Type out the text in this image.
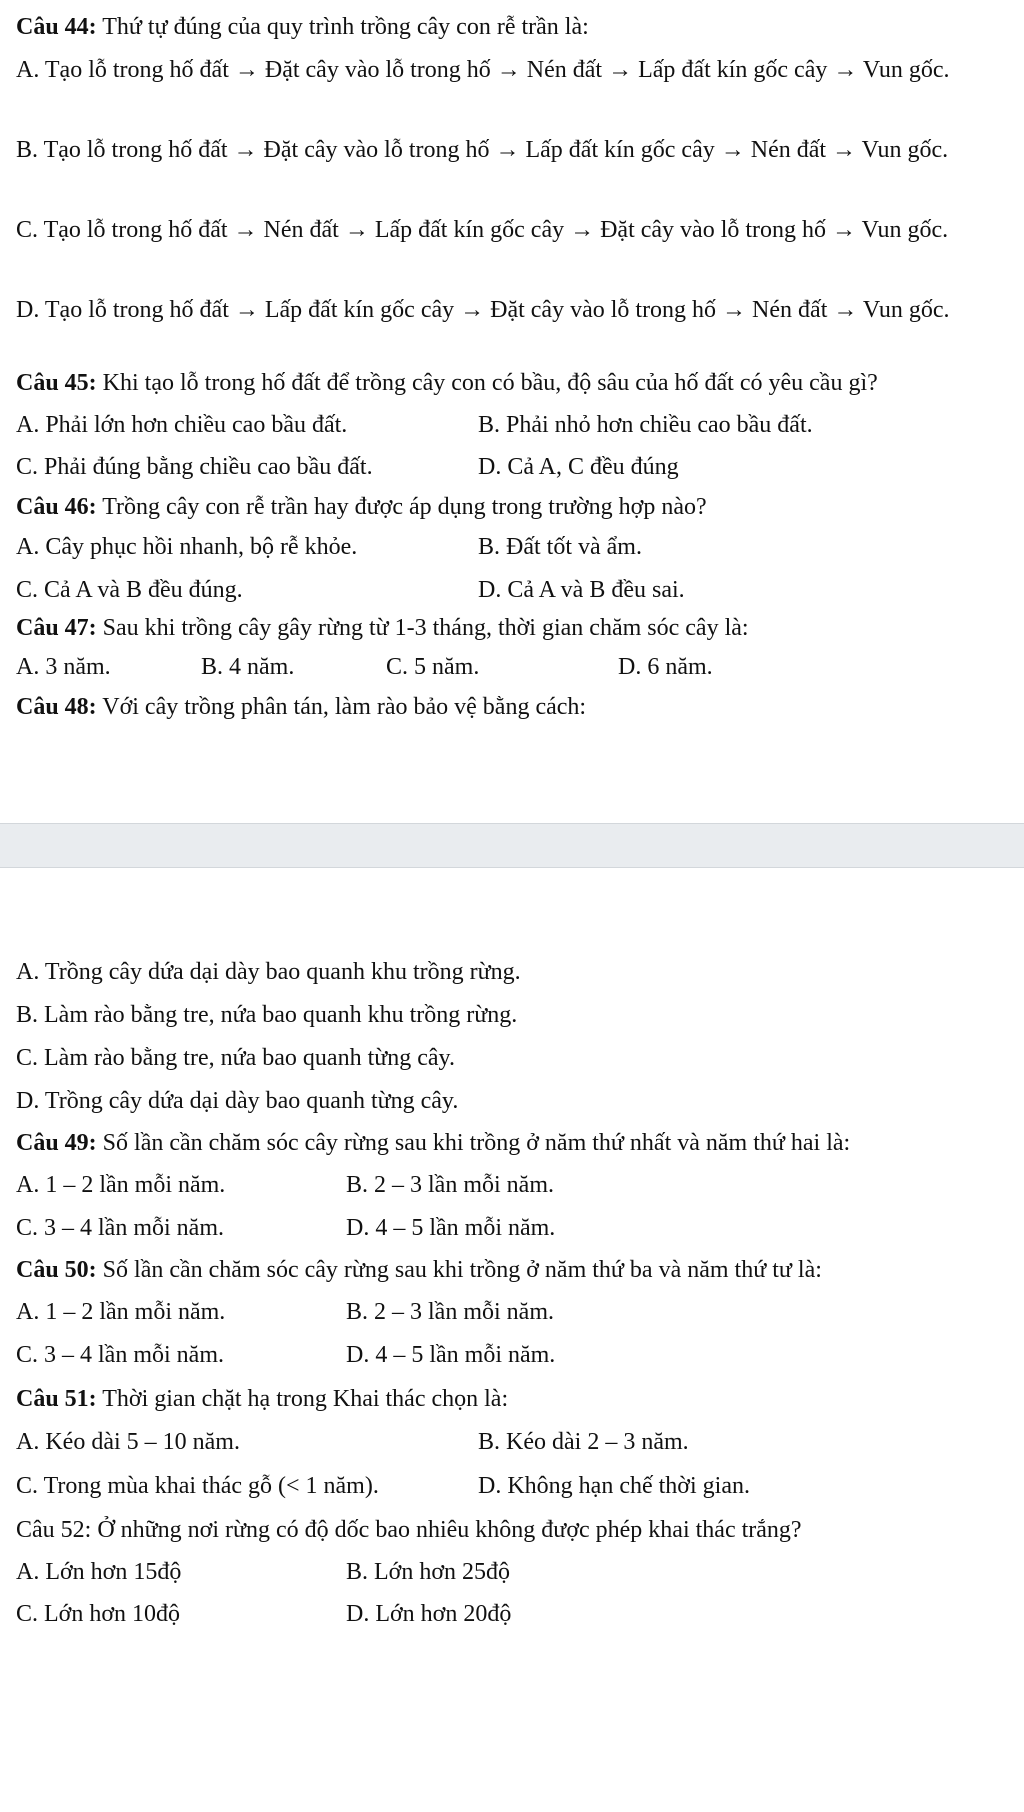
Câu 44: Thứ tự đúng của quy trình trồng cây con rễ trần là:

A. Tạo lỗ trong hố đất → Đặt cây vào lỗ trong hố → Nén đất → Lấp đất kín gốc cây → Vun gốc.

B. Tạo lỗ trong hố đất → Đặt cây vào lỗ trong hố → Lấp đất kín gốc cây → Nén đất → Vun gốc.

C. Tạo lỗ trong hố đất → Nén đất → Lấp đất kín gốc cây → Đặt cây vào lỗ trong hố → Vun gốc.

D. Tạo lỗ trong hố đất → Lấp đất kín gốc cây → Đặt cây vào lỗ trong hố → Nén đất → Vun gốc.

Câu 45: Khi tạo lỗ trong hố đất để trồng cây con có bầu, độ sâu của hố đất có yêu cầu gì?

A. Phải lớn hơn chiều cao bầu đất.	B. Phải nhỏ hơn chiều cao bầu đất.

C. Phải đúng bằng chiều cao bầu đất.	D. Cả A, C đều đúng

Câu 46: Trồng cây con rễ trần hay được áp dụng trong trường hợp nào?

A. Cây phục hồi nhanh, bộ rễ khỏe.	B. Đất tốt và ẩm.

C. Cả A và B đều đúng.	D. Cả A và B đều sai.

Câu 47: Sau khi trồng cây gây rừng từ 1-3 tháng, thời gian chăm sóc cây là:

A. 3 năm.	B. 4 năm.	C. 5 năm.	D. 6 năm.

Câu 48: Với cây trồng phân tán, làm rào bảo vệ bằng cách:

A. Trồng cây dứa dại dày bao quanh khu trồng rừng.

B. Làm rào bằng tre, nứa bao quanh khu trồng rừng.

C. Làm rào bằng tre, nứa bao quanh từng cây.

D. Trồng cây dứa dại dày bao quanh từng cây.

Câu 49: Số lần cần chăm sóc cây rừng sau khi trồng ở năm thứ nhất và năm thứ hai là:

A. 1 – 2 lần mỗi năm.	B. 2 – 3 lần mỗi năm.

C. 3 – 4 lần mỗi năm.	D. 4 – 5 lần mỗi năm.

Câu 50: Số lần cần chăm sóc cây rừng sau khi trồng ở năm thứ ba và năm thứ tư là:

A. 1 – 2 lần mỗi năm.	B. 2 – 3 lần mỗi năm.

C. 3 – 4 lần mỗi năm.	D. 4 – 5 lần mỗi năm.

Câu 51: Thời gian chặt hạ trong Khai thác chọn là:

A. Kéo dài 5 – 10 năm.	B. Kéo dài 2 – 3 năm.

C. Trong mùa khai thác gỗ (< 1 năm).	D. Không hạn chế thời gian.

Câu 52: Ở những nơi rừng có độ dốc bao nhiêu không được phép khai thác trắng?

A. Lớn hơn 15độ	B. Lớn hơn 25độ

C. Lớn hơn 10độ	D. Lớn hơn 20độ
